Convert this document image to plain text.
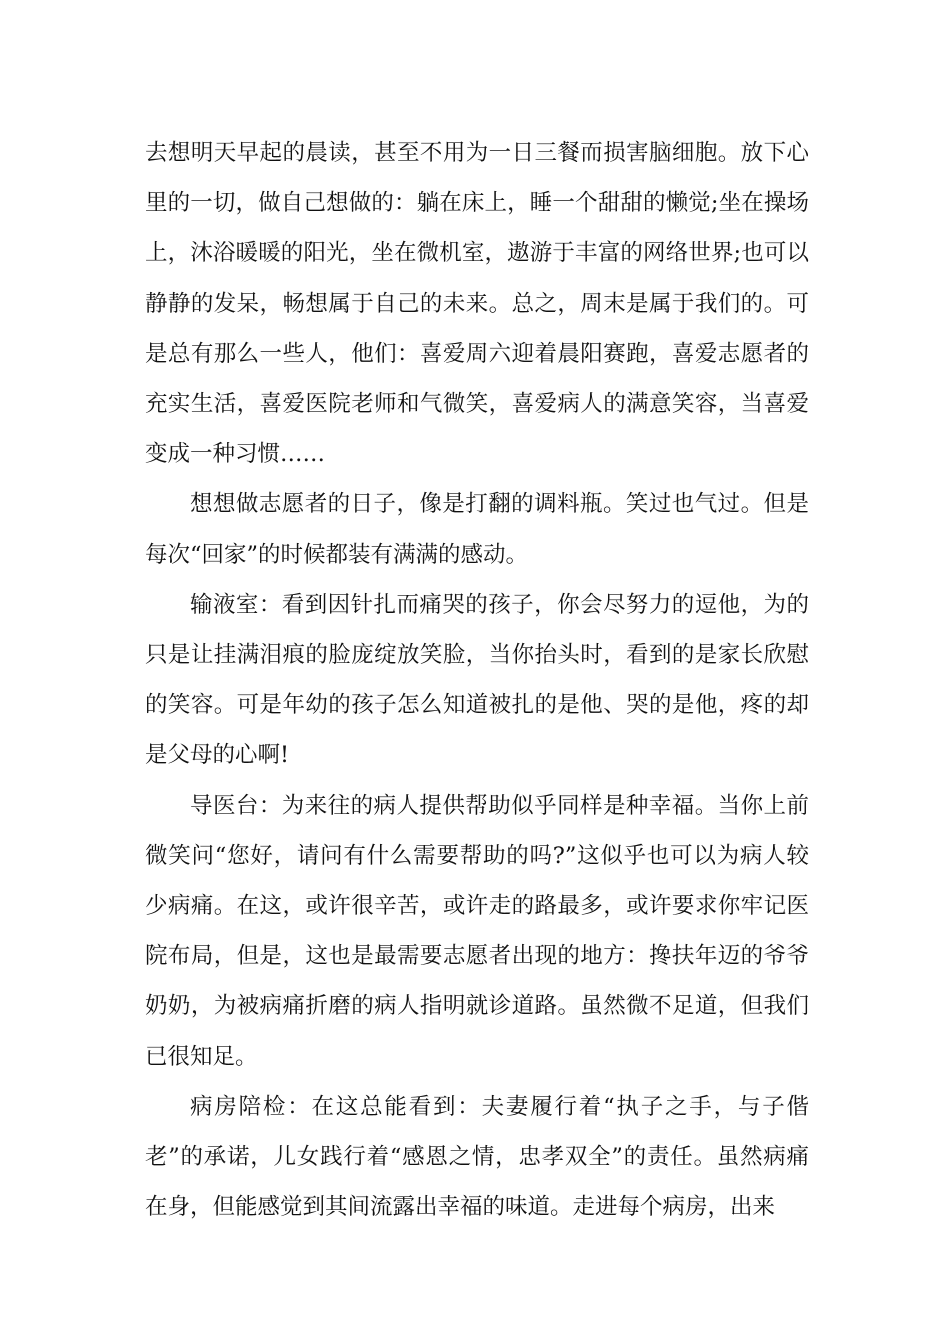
去想明天早起的晨读，甚至不用为一日三餐而损害脑细胞。放下心里的一切，做自己想做的：躺在床上，睡一个甜甜的懒觉;坐在操场上，沐浴暖暖的阳光，坐在微机室，遨游于丰富的网络世界;也可以静静的发呆，畅想属于自己的未来。总之，周末是属于我们的。可是总有那么一些人，他们：喜爱周六迎着晨阳赛跑，喜爱志愿者的充实生活，喜爱医院老师和气微笑，喜爱病人的满意笑容，当喜爱变成一种习惯……

想想做志愿者的日子，像是打翻的调料瓶。笑过也气过。但是每次“回家”的时候都装有满满的感动。

输液室：看到因针扎而痛哭的孩子，你会尽努力的逗他，为的只是让挂满泪痕的脸庞绽放笑脸，当你抬头时，看到的是家长欣慰的笑容。可是年幼的孩子怎么知道被扎的是他、哭的是他，疼的却是父母的心啊!

导医台：为来往的病人提供帮助似乎同样是种幸福。当你上前微笑问“您好，请问有什么需要帮助的吗?”这似乎也可以为病人较少病痛。在这，或许很辛苦，或许走的路最多，或许要求你牢记医院布局，但是，这也是最需要志愿者出现的地方：搀扶年迈的爷爷奶奶，为被病痛折磨的病人指明就诊道路。虽然微不足道，但我们已很知足。

病房陪检：在这总能看到：夫妻履行着“执子之手，与子偕老”的承诺，儿女践行着“感恩之情，忠孝双全”的责任。虽然病痛在身，但能感觉到其间流露出幸福的味道。走进每个病房，出来
